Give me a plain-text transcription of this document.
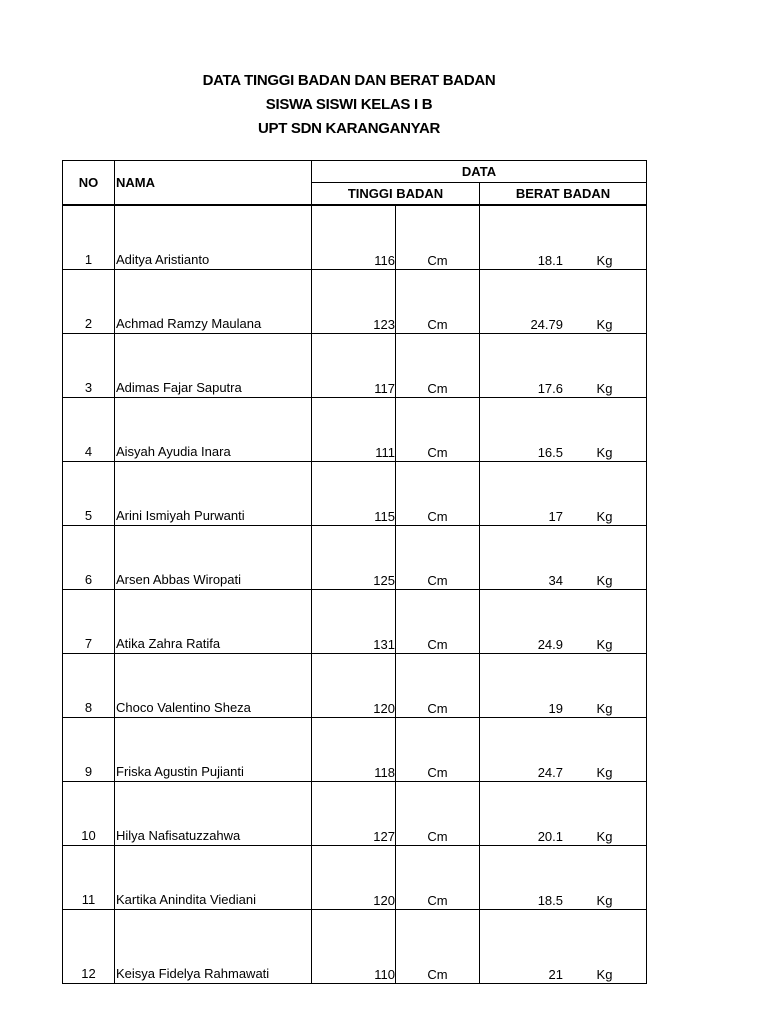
DATA TINGGI BADAN DAN BERAT BADAN
SISWA SISWI KELAS I B
UPT SDN KARANGANYAR
NO	NAMA	DATA			
		TINGGI BADAN		BERAT BADAN	
1	Aditya Aristianto	116	Cm	18.1	Kg
2	Achmad Ramzy Maulana	123	Cm	24.79	Kg
3	Adimas Fajar Saputra	117	Cm	17.6	Kg
4	Aisyah Ayudia Inara	111	Cm	16.5	Kg
5	Arini Ismiyah Purwanti	115	Cm	17	Kg
6	Arsen Abbas Wiropati	125	Cm	34	Kg
7	Atika Zahra Ratifa	131	Cm	24.9	Kg
8	Choco Valentino Sheza	120	Cm	19	Kg
9	Friska Agustin Pujianti	118	Cm	24.7	Kg
10	Hilya Nafisatuzzahwa	127	Cm	20.1	Kg
11	Kartika Anindita Viediani	120	Cm	18.5	Kg
12	Keisya Fidelya Rahmawati	110	Cm	21	Kg
